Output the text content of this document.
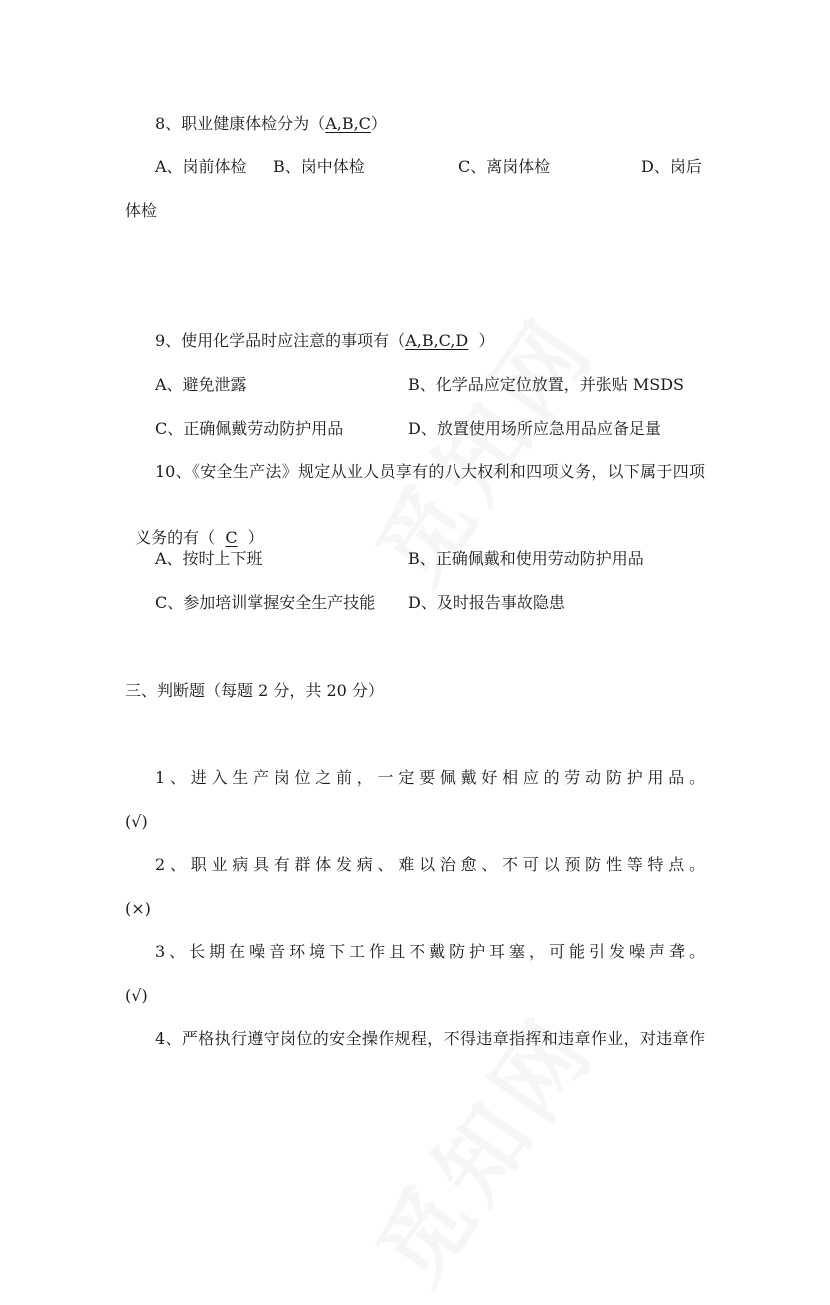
8、职业健康体检分为（A,B,C）
A、岗前体检 B、岗中体检	C、离岗体检	D、岗后
体检
9、使用化学品时应注意的事项有（A,B,C,D  ）
A、避免泄露	B、化学品应定位放置，并张贴 MSDS
C、正确佩戴劳动防护用品	D、放置使用场所应急用品应备足量
10、《安全生产法》规定从业人员享有的八大权利和四项义务，以下属于四项

义务的有（  C  ）

A、按时上下班	B、正确佩戴和使用劳动防护用品
C、参加培训掌握安全生产技能 D、及时报告事故隐患
三、判断题（每题 2 分，共 20 分）
1、进入生产岗位之前，一定要佩戴好相应的劳动防护用品。
(√)
2、职业病具有群体发病、难以治愈、不可以预防性等特点。
(×)
3、长期在噪音环境下工作且不戴防护耳塞，可能引发噪声聋。
(√)
4、严格执行遵守岗位的安全操作规程，不得违章指挥和违章作业，对违章作
